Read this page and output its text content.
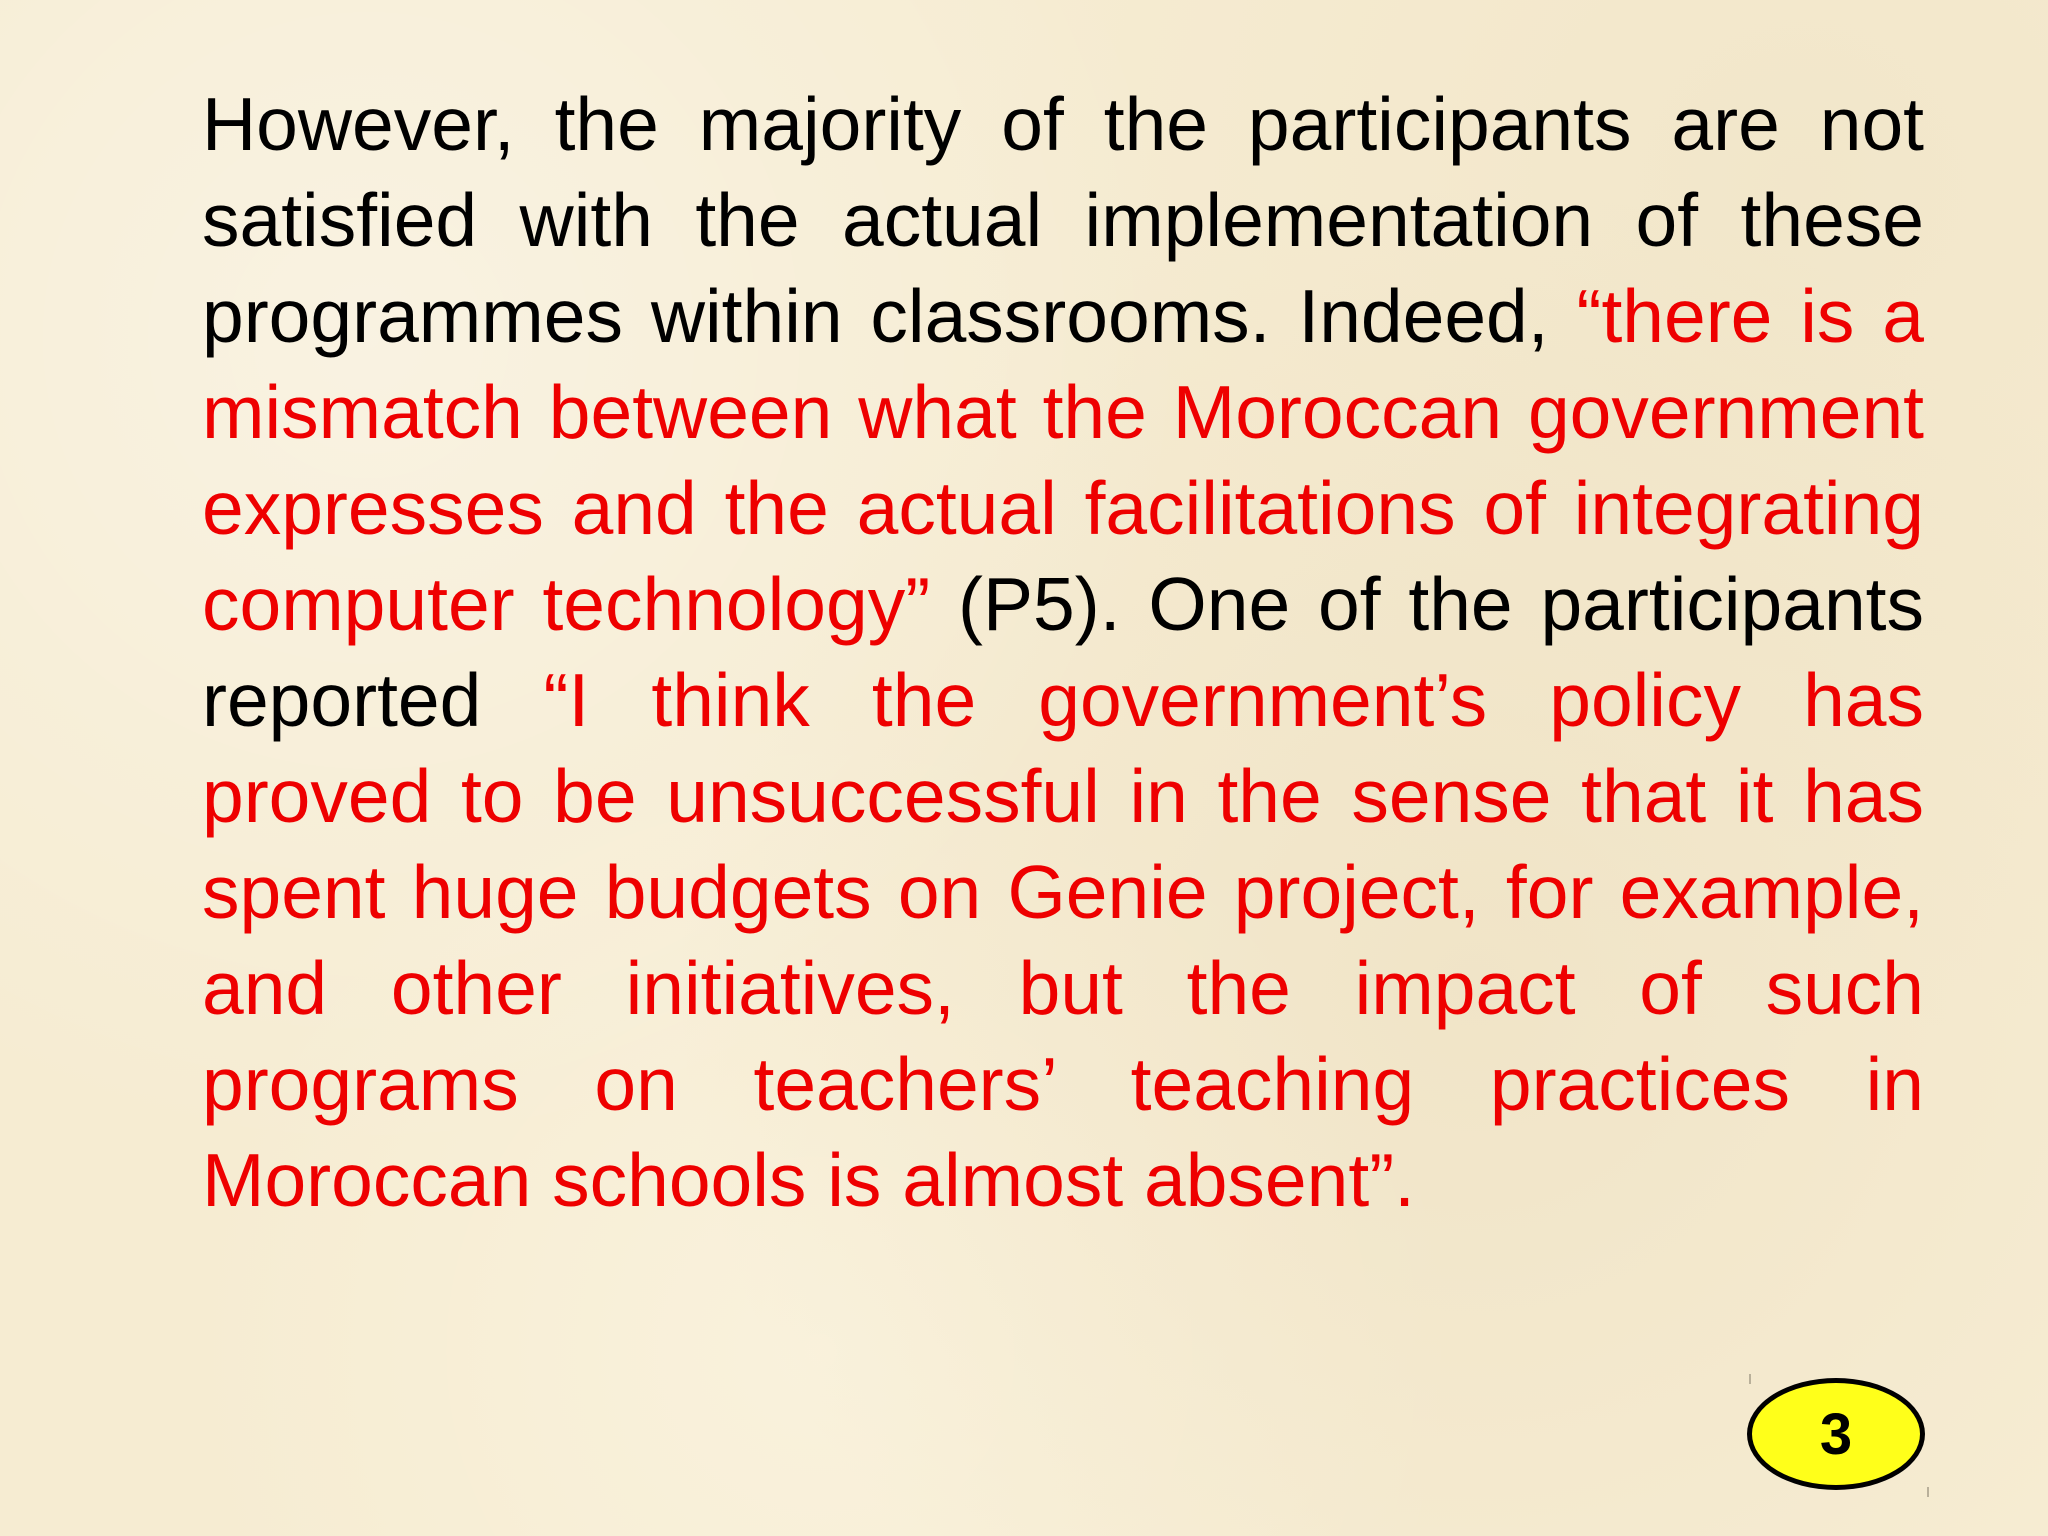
However, the majority of the participants are not satisfied with the actual implementation of these programmes within classrooms. Indeed, “there is a mismatch between what the Moroccan government expresses and the actual facilitations of integrating computer technology” (P5). One of the participants reported “I think the government’s policy has proved to be unsuccessful in the sense that it has spent huge budgets on Genie project, for example, and other initiatives, but the impact of such programs on teachers’ teaching practices in Moroccan schools is almost absent”.

3
